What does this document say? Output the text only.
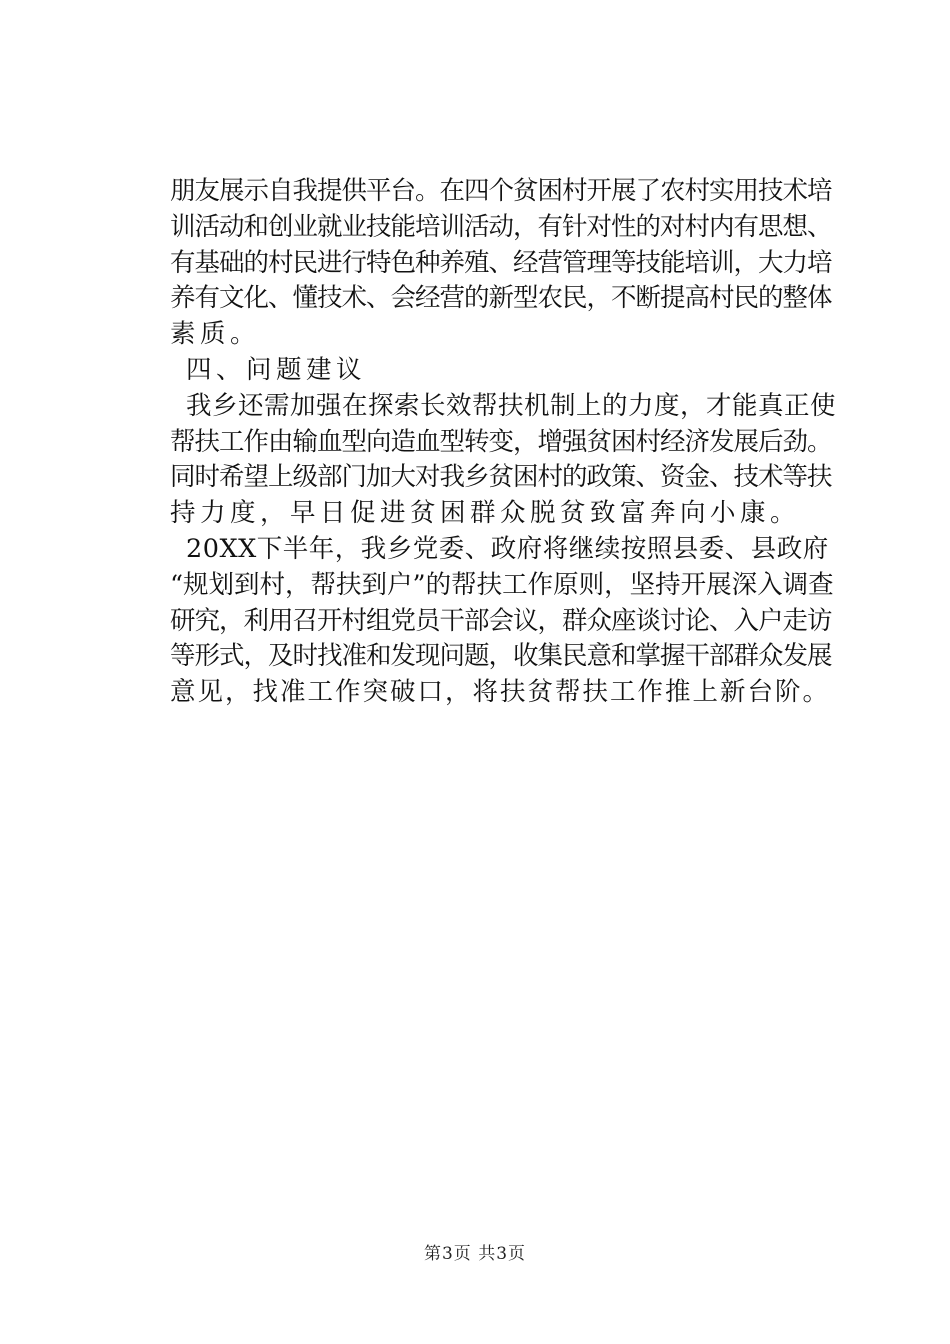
朋友展示自我提供平台。在四个贫困村开展了农村实用技术培
训活动和创业就业技能培训活动，有针对性的对村内有思想、
有基础的村民进行特色种养殖、经营管理等技能培训，大力培
养有文化、懂技术、会经营的新型农民，不断提高村民的整体
素质。
四、问题建议
我乡还需加强在探索长效帮扶机制上的力度，才能真正使
帮扶工作由输血型向造血型转变，增强贫困村经济发展后劲。
同时希望上级部门加大对我乡贫困村的政策、资金、技术等扶
持力度，早日促进贫困群众脱贫致富奔向小康。
20XX下半年，我乡党委、政府将继续按照县委、县政府
“规划到村，帮扶到户”的帮扶工作原则，坚持开展深入调查
研究，利用召开村组党员干部会议，群众座谈讨论、入户走访
等形式，及时找准和发现问题，收集民意和掌握干部群众发展
意见，找准工作突破口，将扶贫帮扶工作推上新台阶。
第3页 共3页
